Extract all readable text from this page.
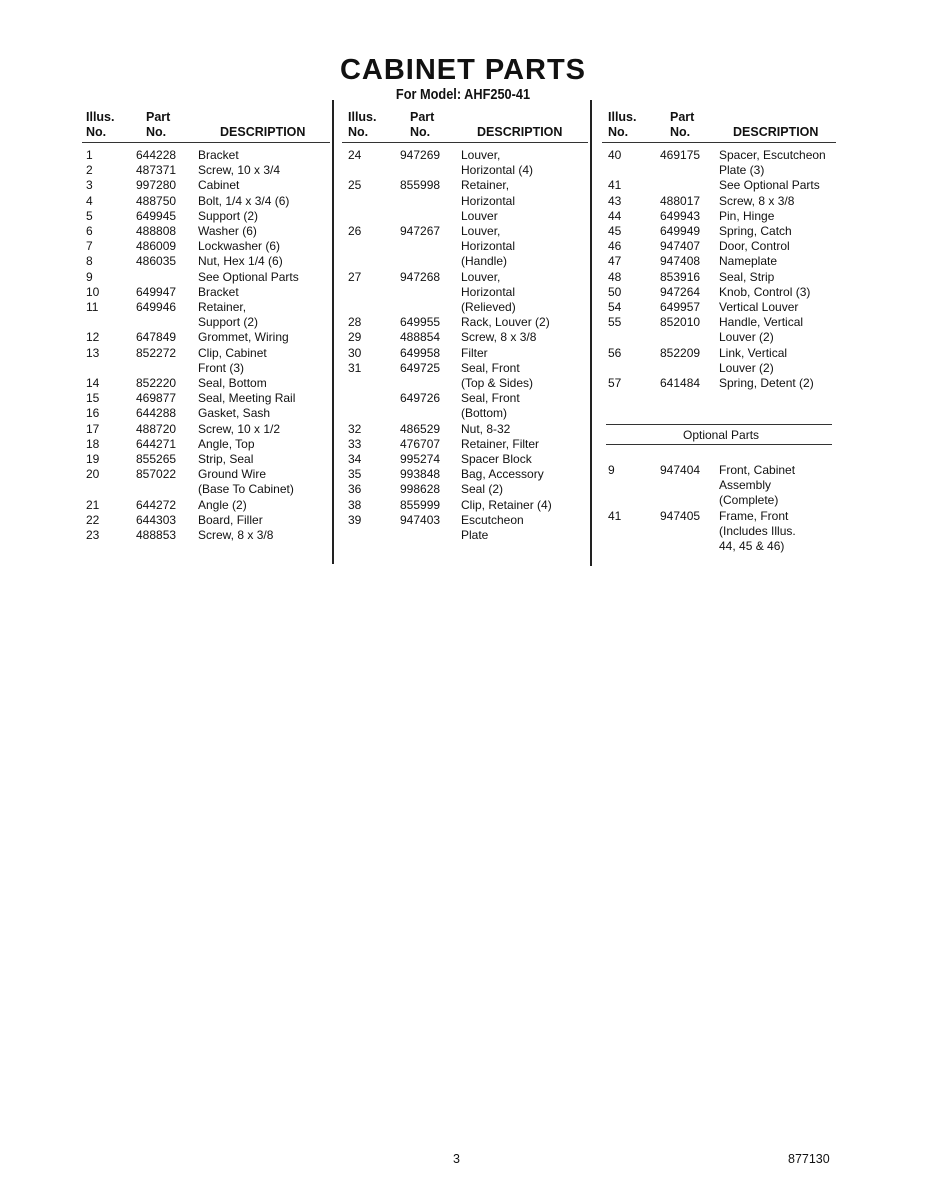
CABINET PARTS
For Model: AHF250-41
Illus.
No.
Part
No.	DESCRIPTION
1	644228 Bracket
2	487371 Screw, 10 x 3/4
3	997280 Cabinet
4	488750 Bolt, 1/4 x 3/4 (6)
5	649945 Support (2)
6	488808 Washer (6)
7	486009 Lockwasher (6)
8	486035 Nut, Hex 1/4 (6)
9	See Optional Parts
10	649947 Bracket
11	649946 Retainer,
Support (2)
12	647849 Grommet, Wiring
13	852272 Clip, Cabinet
Front (3)
14	852220 Seal, Bottom
15	469877 Seal, Meeting Rail
16	644288 Gasket, Sash
17	488720 Screw, 10 x 1/2
18	644271 Angle, Top
19	855265 Strip, Seal
20	857022 Ground Wire
(Base To Cabinet)
21	644272 Angle (2)
22	644303 Board, Filler
23	488853 Screw, 8 x 3/8
Illus.
No.
Part
No.	DESCRIPTION
24	947269 Louver,
Horizontal (4)
25	855998 Retainer,
Horizontal
Louver
26	947267 Louver,
Horizontal
(Handle)
27	947268 Louver,
Horizontal
(Relieved)
28	649955 Rack, Louver (2)
29	488854 Screw, 8 x 3/8
30	649958 Filter
31	649725 Seal, Front
(Top & Sides)
649726 Seal, Front
(Bottom)
32	486529 Nut, 8-32
33	476707 Retainer, Filter
34	995274 Spacer Block
35	993848 Bag, Accessory
36	998628 Seal (2)
38	855999 Clip, Retainer (4)
39	947403 Escutcheon
Plate
Illus.
No.
Part
No.	DESCRIPTION
40	469175 Spacer, Escutcheon
Plate (3)
41	See Optional Parts
43	488017 Screw, 8 x 3/8
44	649943 Pin, Hinge
45	649949 Spring, Catch
46	947407 Door, Control
47	947408 Nameplate
48	853916 Seal, Strip
50	947264 Knob, Control (3)
54	649957 Vertical Louver
55	852010 Handle, Vertical
Louver (2)
56	852209 Link, Vertical
Louver (2)
57	641484 Spring, Detent (2)
Optional Parts
9	947404 Front, Cabinet
Assembly
(Complete)
41	947405 Frame, Front
(Includes Illus.
44, 45 & 46)
3	877130
